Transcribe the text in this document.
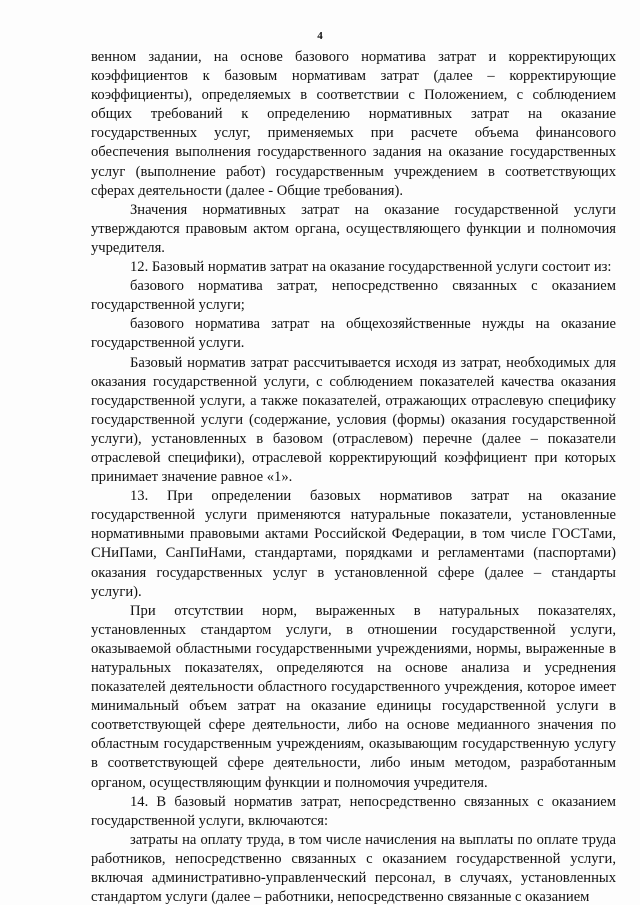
4

венном задании, на основе базового норматива затрат и корректирующих коэффициентов к базовым нормативам затрат (далее – корректирующие коэффициенты), определяемых в соответствии с Положением, с соблюдением общих требований к определению нормативных затрат на оказание государственных услуг, применяемых при расчете объема финансового обеспечения выполнения государственного задания на оказание государственных услуг (выполнение работ) государственным учреждением в соответствующих сферах деятельности (далее - Общие требования).

Значения нормативных затрат на оказание государственной услуги утверждаются правовым актом органа, осуществляющего функции и полномочия учредителя.

12. Базовый норматив затрат на оказание государственной услуги состоит из:

базового норматива затрат, непосредственно связанных с оказанием государственной услуги;

базового норматива затрат на общехозяйственные нужды на оказание государственной услуги.

Базовый норматив затрат рассчитывается исходя из затрат, необходимых для оказания государственной услуги, с соблюдением показателей качества оказания государственной услуги, а также показателей, отражающих отраслевую специфику государственной услуги (содержание, условия (формы) оказания государственной услуги), установленных в базовом (отраслевом) перечне (далее – показатели отраслевой специфики), отраслевой корректирующий коэффициент при которых принимает значение равное «1».

13. При определении базовых нормативов затрат на оказание государственной услуги применяются натуральные показатели, установленные нормативными правовыми актами Российской Федерации, в том числе ГОСТами, СНиПами, СанПиНами, стандартами, порядками и регламентами (паспортами) оказания государственных услуг в установленной сфере (далее – стандарты услуги).

При отсутствии норм, выраженных в натуральных показателях, установленных стандартом услуги, в отношении государственной услуги, оказываемой областными государственными учреждениями, нормы, выраженные в натуральных показателях, определяются на основе анализа и усреднения показателей деятельности областного государственного учреждения, которое имеет минимальный объем затрат на оказание единицы государственной услуги в соответствующей сфере деятельности, либо на основе медианного значения по областным государственным учреждениям, оказывающим государственную услугу в соответствующей сфере деятельности, либо иным методом, разработанным органом, осуществляющим функции и полномочия учредителя.

14. В базовый норматив затрат, непосредственно связанных с оказанием государственной услуги, включаются:

затраты на оплату труда, в том числе начисления на выплаты по оплате труда работников, непосредственно связанных с оказанием государственной услуги, включая административно-управленческий персонал, в случаях, установленных стандартом услуги (далее – работники, непосредственно связанные с оказанием
